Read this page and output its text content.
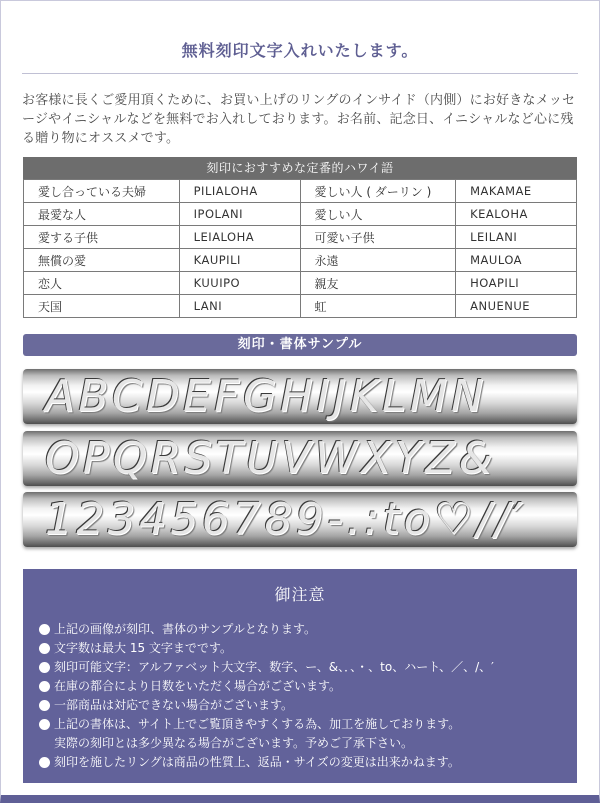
無料刻印文字入れいたします。

お客様に長くご愛用頂くために、お買い上げのリングのインサイド（内側）にお好きなメッセージやイニシャルなどを無料でお入れしております。お名前、記念日、イニシャルなど心に残る贈り物にオススメです。

刻印におすすめな定番的ハワイ語
愛し合っている夫婦	PILIALOHA	愛しい人 ( ダーリン )	MAKAMAE
最愛な人	IPOLANI	愛しい人	KEALOHA
愛する子供	LEIALOHA	可愛い子供	LEILANI
無償の愛	KAUPILI	永遠	MAULOA
恋人	KUUIPO	親友	HOAPILI
天国	LANI	虹	ANUENUE
刻印・書体サンプル
ABCDEFGHIJKLMN
OPQRSTUVWXYZ&
123456789-.:to♡//′
御注意
上記の画像が刻印、書体のサンプルとなります。
文字数は最大 15 文字までです。
刻印可能文字：アルファベット大文字、数字、ー、&、．、・、to、ハート、／、/、′
在庫の都合により日数をいただく場合がございます。
一部商品は対応できない場合がございます。
上記の書体は、サイト上でご覧頂きやすくする為、加工を施しております。
実際の刻印とは多少異なる場合がございます。予めご了承下さい。
刻印を施したリングは商品の性質上、返品・サイズの変更は出来かねます。
